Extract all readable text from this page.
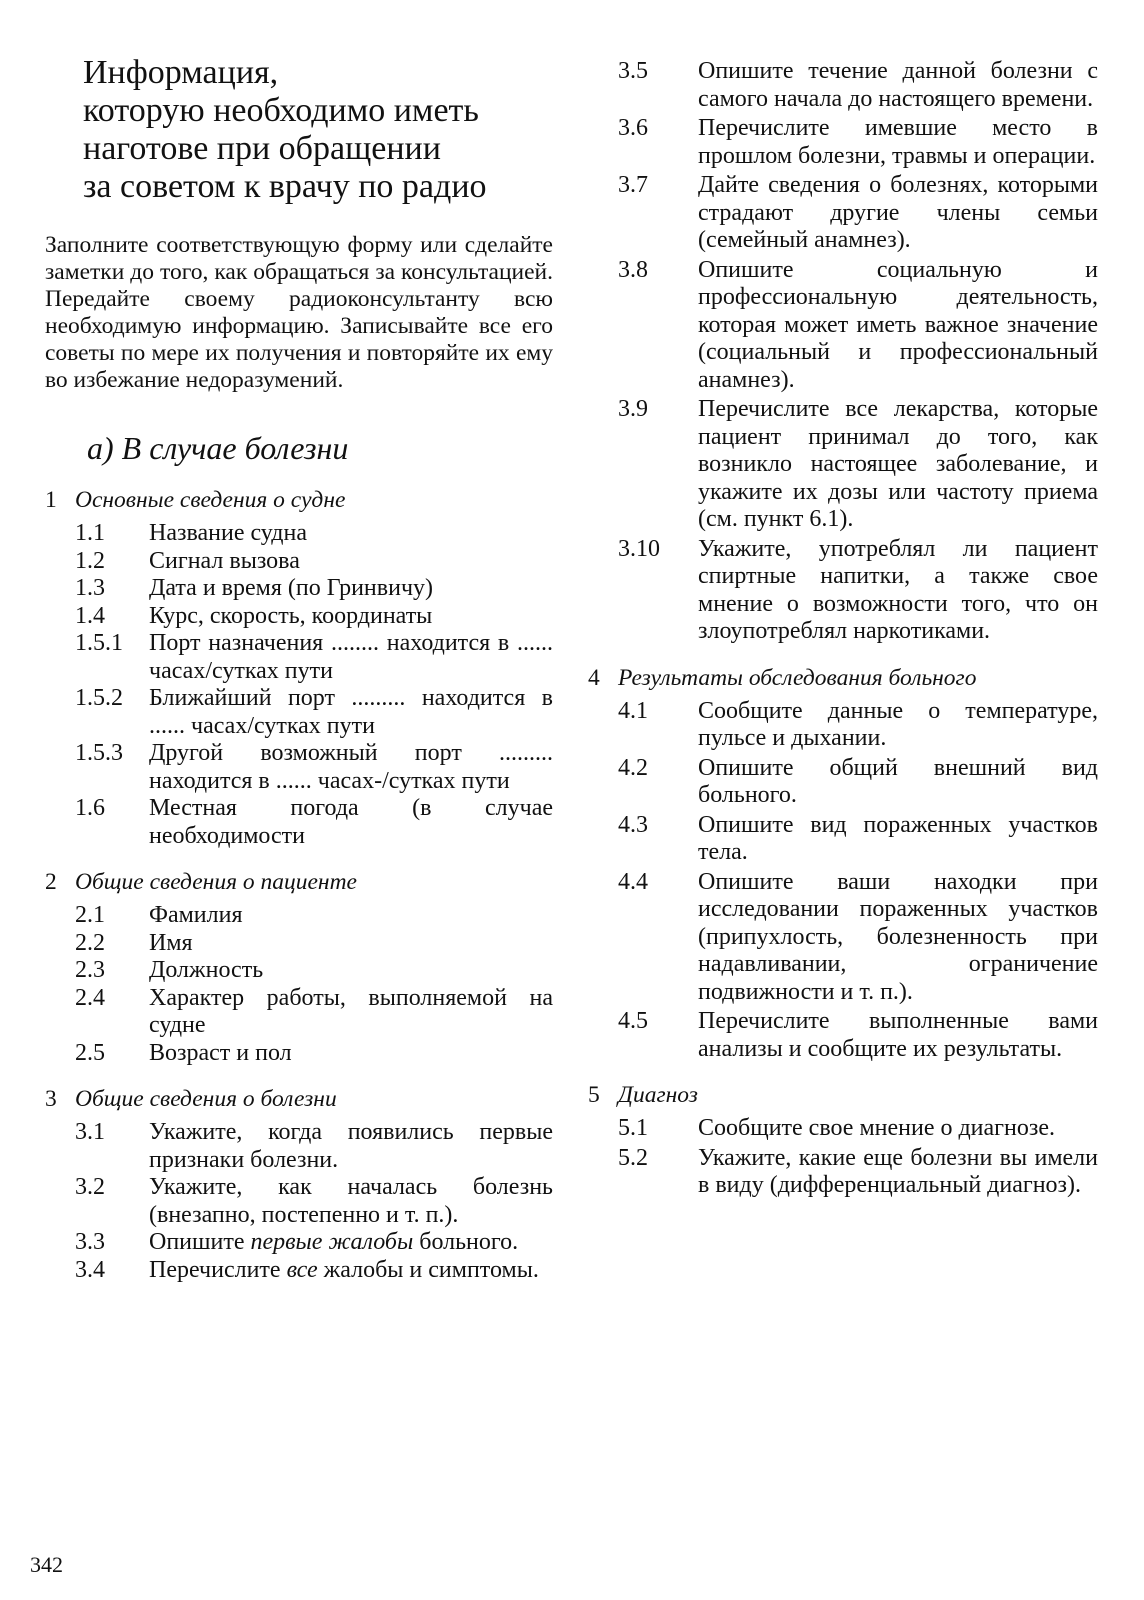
Информация,
которую необходимо иметь
наготове при обращении
за советом к врачу по радио

Заполните соответствующую форму или сделайте заметки до того, как обращаться за консультацией. Передайте своему радиоконсультанту всю необходимую информацию. Записывайте все его советы по мере их получения и повторяйте их ему во избежание недоразумений.

а) В случае болезни
1 Основные сведения о судне
1.1	Название судна
1.2	Сигнал вызова
1.3	Дата и время (по Гринвичу)
1.4	Курс, скорость, координаты
1.5.1	Порт назначения ........ находится в ...... часах/сутках пути
1.5.2	Ближайший порт ......... находится в ...... часах/сутках пути
1.5.3	Другой возможный порт ......... находится в ...... часах-/сутках пути
1.6	Местная погода (в случае необходимости
2 Общие сведения о пациенте
2.1	Фамилия
2.2	Имя
2.3	Должность
2.4	Характер работы, выполняемой на судне
2.5	Возраст и пол
3 Общие сведения о болезни
3.1	Укажите, когда появились первые признаки болезни.
3.2	Укажите, как началась болезнь (внезапно, постепенно и т. п.).
3.3	Опишите первые жалобы больного.
3.4	Перечислите все жалобы и симптомы.
3.5	Опишите течение данной болезни с самого начала до настоящего времени.
3.6	Перечислите имевшие место в прошлом болезни, травмы и операции.
3.7	Дайте сведения о болезнях, которыми страдают другие члены семьи (семейный анамнез).
3.8	Опишите социальную и профессиональную деятельность, которая может иметь важное значение (социальный и профессиональный анамнез).
3.9	Перечислите все лекарства, которые пациент принимал до того, как возникло настоящее заболевание, и укажите их дозы или частоту приема (см. пункт 6.1).
3.10	Укажите, употреблял ли пациент спиртные напитки, а также свое мнение о возможности того, что он злоупотреблял наркотиками.
4 Результаты обследования больного
4.1	Сообщите данные о температуре, пульсе и дыхании.
4.2	Опишите общий внешний вид больного.
4.3	Опишите вид пораженных участков тела.
4.4	Опишите ваши находки при исследовании пораженных участков (припухлость, болезненность при надавливании, ограничение подвижности и т. п.).
4.5	Перечислите выполненные вами анализы и сообщите их результаты.
5 Диагноз
5.1	Сообщите свое мнение о диагнозе.
5.2	Укажите, какие еще болезни вы имели в виду (дифференциальный диагноз).
342
